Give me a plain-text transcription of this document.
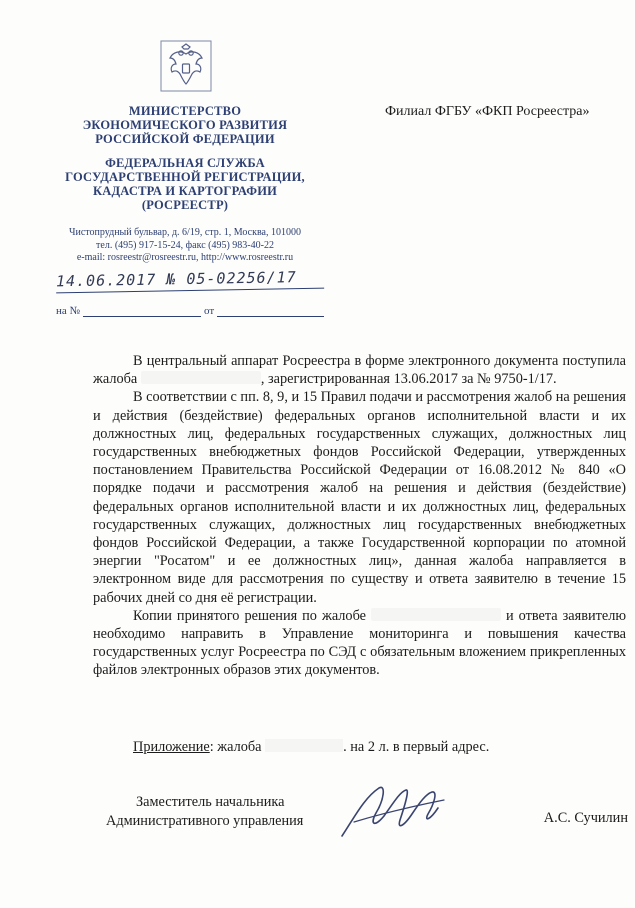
МИНИСТЕРСТВО
ЭКОНОМИЧЕСКОГО РАЗВИТИЯ
РОССИЙСКОЙ ФЕДЕРАЦИИ
ФЕДЕРАЛЬНАЯ СЛУЖБА
ГОСУДАРСТВЕННОЙ РЕГИСТРАЦИИ,
КАДАСТРА И КАРТОГРАФИИ
(РОСРЕЕСТР)
Чистопрудный бульвар, д. 6/19, стр. 1, Москва, 101000
тел. (495) 917-15-24, факс (495) 983-40-22
e-mail: rosreestr@rosreestr.ru, http://www.rosreestr.ru
14.06.2017 № 05-02256/17
на №	от
Филиал ФГБУ «ФКП Росреестра»

В центральный аппарат Росреестра в форме электронного документа поступила жалоба	, зарегистрированная 13.06.2017 за № 9750-1/17.

В соответствии с пп. 8, 9, и 15 Правил подачи и рассмотрения жалоб на решения и действия (бездействие) федеральных органов исполнительной власти и их должностных лиц, федеральных государственных служащих, должностных лиц государственных внебюджетных фондов Российской Федерации, утвержденных постановлением Правительства Российской Федерации от 16.08.2012 № 840 «О порядке подачи и рассмотрения жалоб на решения и действия (бездействие) федеральных органов исполнительной власти и их должностных лиц, федеральных государственных служащих, должностных лиц государственных внебюджетных фондов Российской Федерации, а также Государственной корпорации по атомной энергии "Росатом" и ее должностных лиц», данная жалоба направляется в электронном виде для рассмотрения по существу и ответа заявителю в течение 15 рабочих дней со дня её регистрации.

Копии принятого решения по жалобе	и ответа заявителю необходимо направить в Управление мониторинга и повышения качества государственных услуг Росреестра по СЭД с обязательным вложением прикрепленных файлов электронных образов этих документов.

Приложение: жалоба	. на 2 л. в первый адрес.
Заместитель начальника
Административного управления	А.С. Сучилин
